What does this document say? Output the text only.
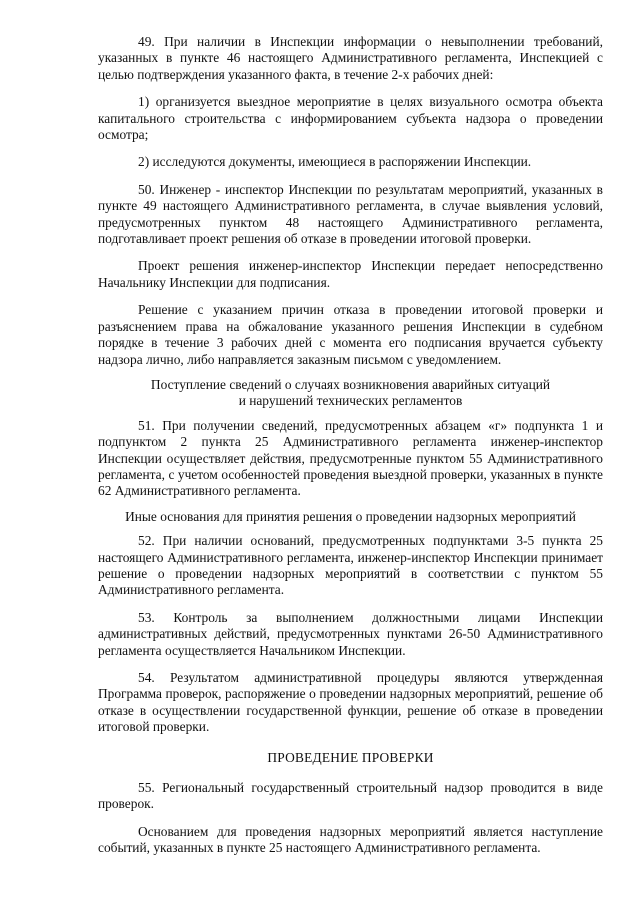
49. При наличии в Инспекции информации о невыполнении требований, указанных в пункте 46 настоящего Административного регламента, Инспекцией с целью подтверждения указанного факта, в течение 2-х рабочих дней:

1) организуется выездное мероприятие в целях визуального осмотра объекта капитального строительства с информированием субъекта надзора о проведении осмотра;

2) исследуются документы, имеющиеся в распоряжении Инспекции.

50. Инженер - инспектор Инспекции по результатам мероприятий, указанных в пункте 49 настоящего Административного регламента, в случае выявления условий, предусмотренных пунктом 48 настоящего Административного регламента, подготавливает проект решения об отказе в проведении итоговой проверки.

Проект решения инженер-инспектор Инспекции передает непосредственно Начальнику Инспекции для подписания.

Решение с указанием причин отказа в проведении итоговой проверки и разъяснением права на обжалование указанного решения Инспекции в судебном порядке в течение 3 рабочих дней с момента его подписания вручается субъекту надзора лично, либо направляется заказным письмом с уведомлением.

Поступление сведений о случаях возникновения аварийных ситуаций
и нарушений технических регламентов

51. При получении сведений, предусмотренных абзацем «г» подпункта 1 и подпунктом 2 пункта 25 Административного регламента инженер-инспектор Инспекции осуществляет действия, предусмотренные пунктом 55 Административного регламента, с учетом особенностей проведения выездной проверки, указанных в пункте 62 Административного регламента.

Иные основания для принятия решения о проведении надзорных мероприятий

52. При наличии оснований, предусмотренных подпунктами 3-5 пункта 25 настоящего Административного регламента, инженер-инспектор Инспекции принимает решение о проведении надзорных мероприятий в соответствии с пунктом 55 Административного регламента.

53. Контроль за выполнением должностными лицами Инспекции административных действий, предусмотренных пунктами 26-50 Административного регламента осуществляется Начальником Инспекции.

54. Результатом административной процедуры являются утвержденная Программа проверок, распоряжение о проведении надзорных мероприятий, решение об отказе в осуществлении государственной функции, решение об отказе в проведении итоговой проверки.

ПРОВЕДЕНИЕ ПРОВЕРКИ

55. Региональный государственный строительный надзор проводится в виде проверок.

Основанием для проведения надзорных мероприятий является наступление событий, указанных в пункте 25 настоящего Административного регламента.
